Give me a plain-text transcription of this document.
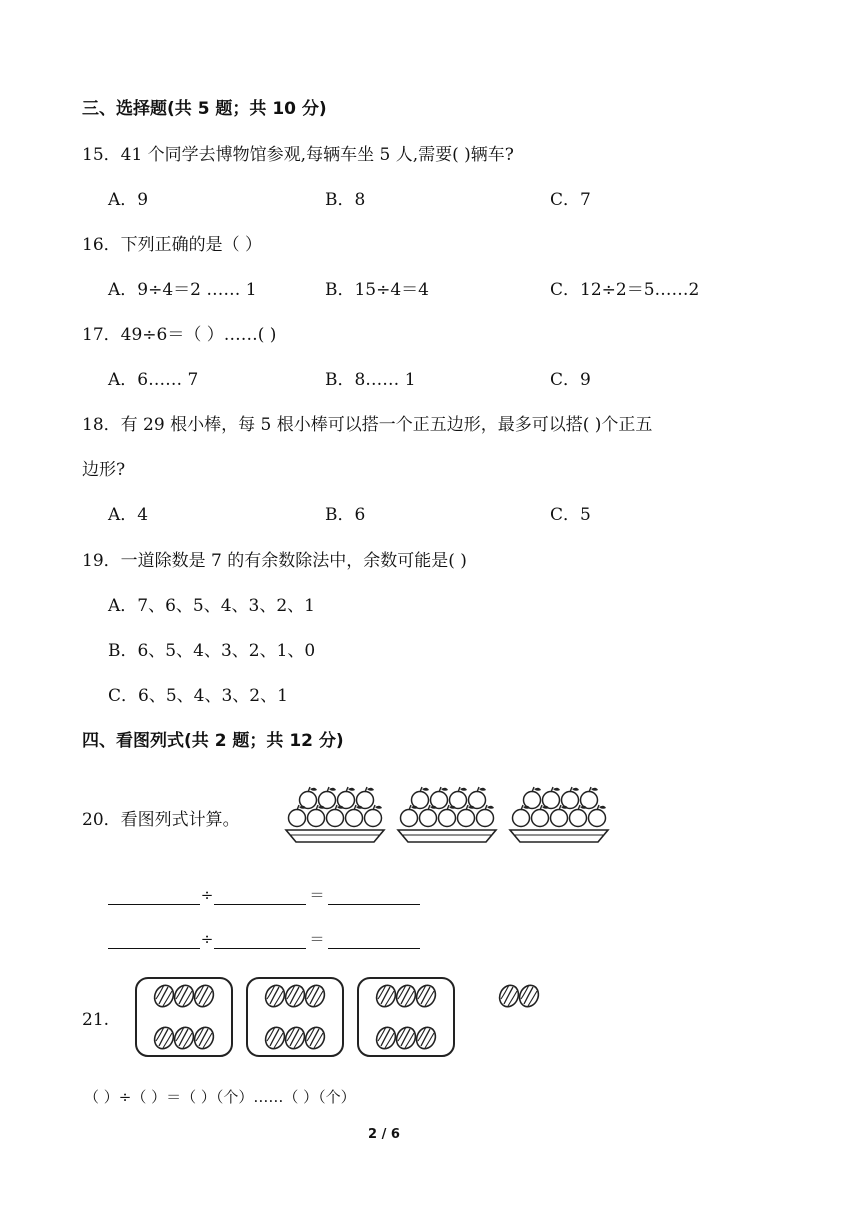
三、选择题(共 5 题；共 10 分)
15．41 个同学去博物馆参观,每辆车坐 5 人,需要( )辆车?
A．9	B．8	C．7
16．下列正确的是（ ）
A．9÷4＝2 …… 1	B．15÷4＝4	C．12÷2＝5……2
17．49÷6＝（ ）……( )
A．6…… 7	B．8…… 1	C．9
18．有 29 根小棒，每 5 根小棒可以搭一个正五边形，最多可以搭( )个正五
边形?
A．4	B．6	C．5
19．一道除数是 7 的有余数除法中，余数可能是( )
A．7、6、5、4、3、2、1
B．6、5、4、3、2、1、0
C．6、5、4、3、2、1
四、看图列式(共 2 题；共 12 分)
20．看图列式计算。
÷	＝
÷	＝
21.
（ ）÷（ ）＝（ ）（个）……（ ）（个）
2 / 6
